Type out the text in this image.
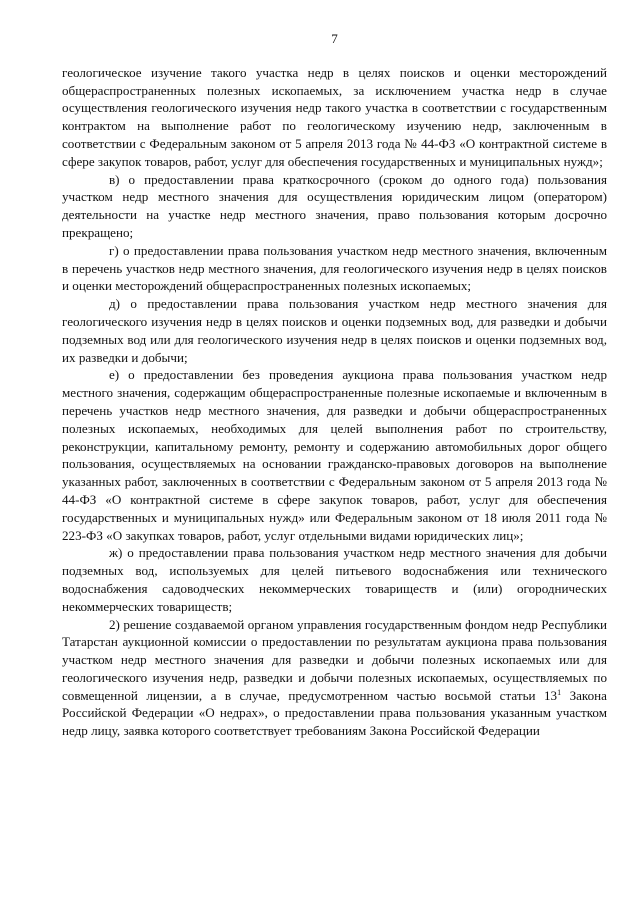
7

геологическое изучение такого участка недр в целях поисков и оценки месторождений общераспространенных полезных ископаемых, за исключением участка недр в случае осуществления геологического изучения недр такого участка в соответствии с государственным контрактом на выполнение работ по геологическому изучению недр, заключенным в соответствии с Федеральным законом от 5 апреля 2013 года № 44-ФЗ «О контрактной системе в сфере закупок товаров, работ, услуг для обеспечения государственных и муниципальных нужд»;

в) о предоставлении права краткосрочного (сроком до одного года) пользования участком недр местного значения для осуществления юридическим лицом (оператором) деятельности на участке недр местного значения, право пользования которым досрочно прекращено;

г) о предоставлении права пользования участком недр местного значения, включенным в перечень участков недр местного значения, для геологического изучения недр в целях поисков и оценки месторождений общераспространенных полезных ископаемых;

д) о предоставлении права пользования участком недр местного значения для геологического изучения недр в целях поисков и оценки подземных вод, для разведки и добычи подземных вод или для геологического изучения недр в целях поисков и оценки подземных вод, их разведки и добычи;

е) о предоставлении без проведения аукциона права пользования участком недр местного значения, содержащим общераспространенные полезные ископаемые и включенным в перечень участков недр местного значения, для разведки и добычи общераспространенных полезных ископаемых, необходимых для целей выполнения работ по строительству, реконструкции, капитальному ремонту, ремонту и содержанию автомобильных дорог общего пользования, осуществляемых на основании гражданско-правовых договоров на выполнение указанных работ, заключенных в соответствии с Федеральным законом от 5 апреля 2013 года № 44-ФЗ «О контрактной системе в сфере закупок товаров, работ, услуг для обеспечения государственных и муниципальных нужд» или Федеральным законом от 18 июля 2011 года № 223-ФЗ «О закупках товаров, работ, услуг отдельными видами юридических лиц»;

ж) о предоставлении права пользования участком недр местного значения для добычи подземных вод, используемых для целей питьевого водоснабжения или технического водоснабжения садоводческих некоммерческих товариществ и (или) огороднических некоммерческих товариществ;

2) решение создаваемой органом управления государственным фондом недр Республики Татарстан аукционной комиссии о предоставлении по результатам аукциона права пользования участком недр местного значения для разведки и добычи полезных ископаемых или для геологического изучения недр, разведки и добычи полезных ископаемых, осуществляемых по совмещенной лицензии, а в случае, предусмотренном частью восьмой статьи $13^1$ Закона Российской Федерации «О недрах», о предоставлении права пользования указанным участком недр лицу, заявка которого соответствует требованиям Закона Российской Федерации
